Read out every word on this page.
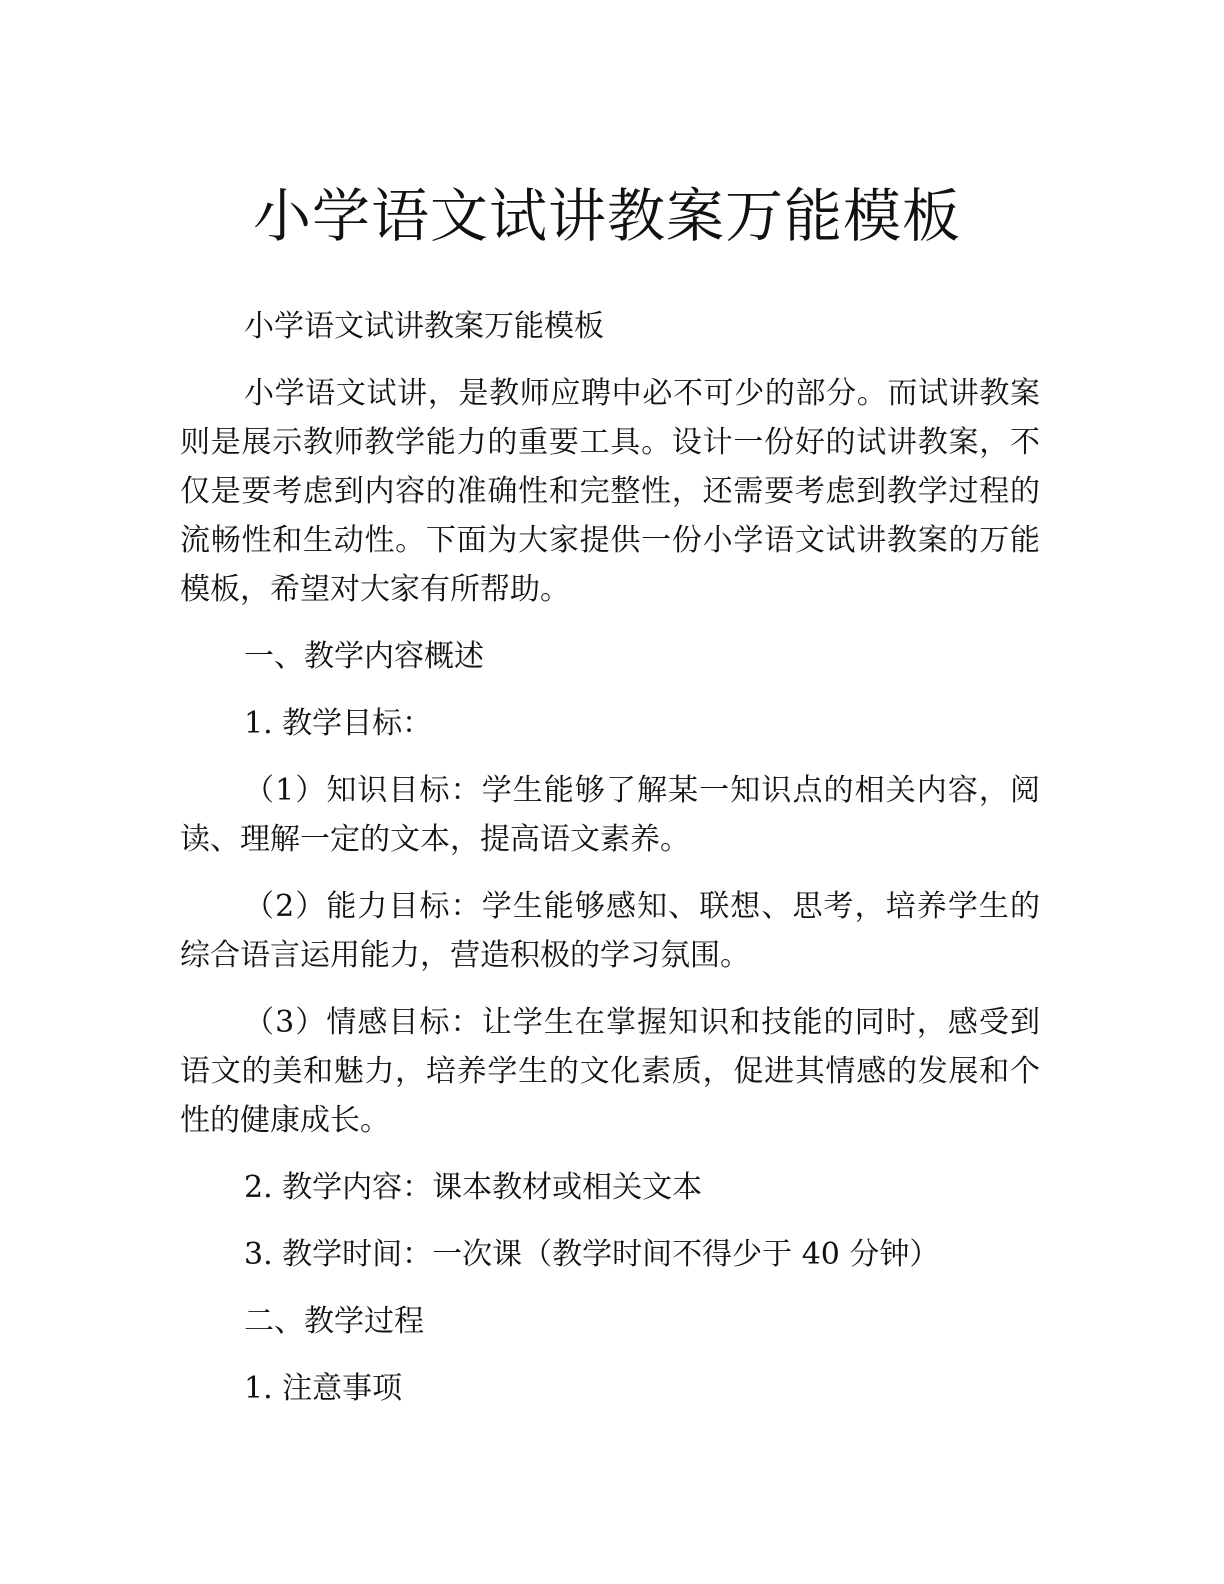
小学语文试讲教案万能模板

小学语文试讲教案万能模板

小学语文试讲，是教师应聘中必不可少的部分。而试讲教案则是展示教师教学能力的重要工具。设计一份好的试讲教案，不仅是要考虑到内容的准确性和完整性，还需要考虑到教学过程的流畅性和生动性。下面为大家提供一份小学语文试讲教案的万能模板，希望对大家有所帮助。

一、教学内容概述

1. 教学目标：

（1）知识目标：学生能够了解某一知识点的相关内容，阅读、理解一定的文本，提高语文素养。

（2）能力目标：学生能够感知、联想、思考，培养学生的综合语言运用能力，营造积极的学习氛围。

（3）情感目标：让学生在掌握知识和技能的同时，感受到语文的美和魅力，培养学生的文化素质，促进其情感的发展和个性的健康成长。

2. 教学内容：课本教材或相关文本

3. 教学时间：一次课（教学时间不得少于 40 分钟）

二、教学过程

1. 注意事项
